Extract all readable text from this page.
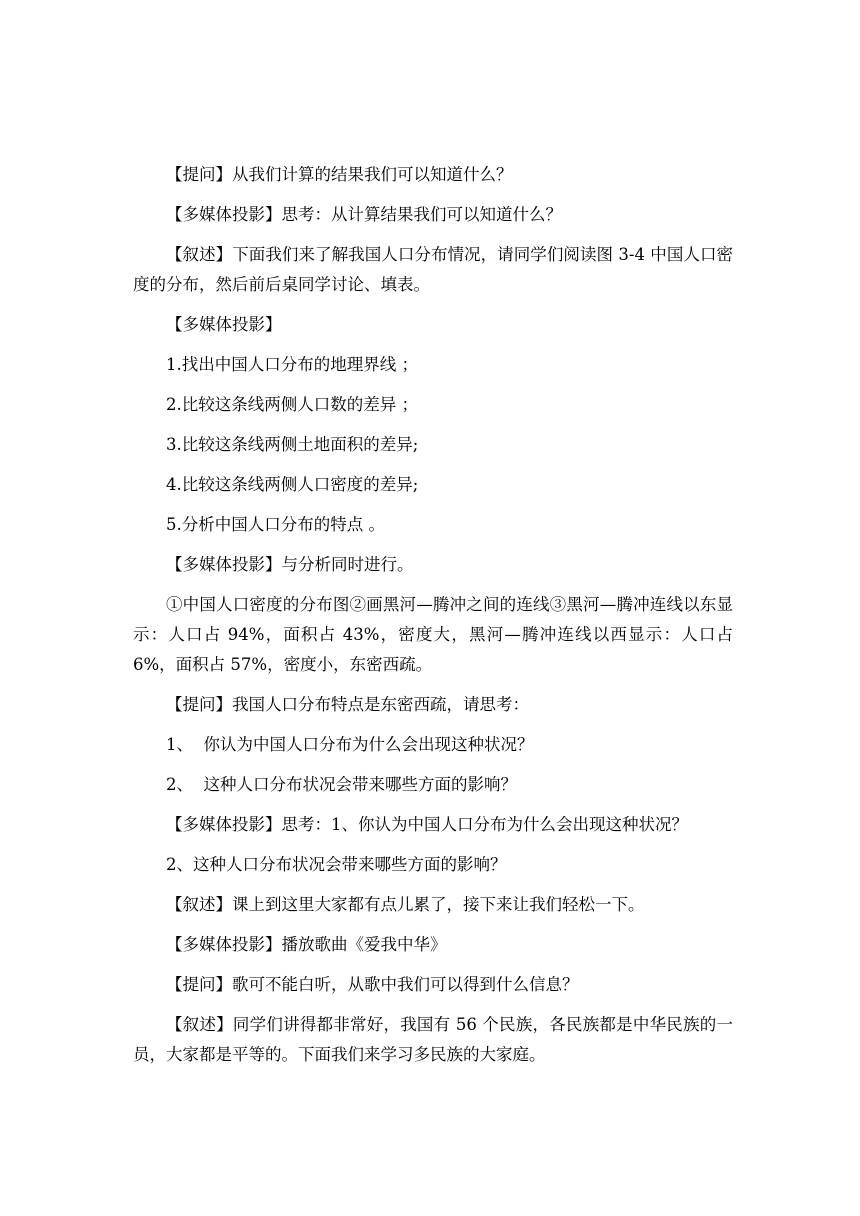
【提问】从我们计算的结果我们可以知道什么？

【多媒体投影】思考：从计算结果我们可以知道什么？

【叙述】下面我们来了解我国人口分布情况，请同学们阅读图 3-4 中国人口密度的分布，然后前后桌同学讨论、填表。

【多媒体投影】

1.找出中国人口分布的地理界线 ；

2.比较这条线两侧人口数的差异 ；

3.比较这条线两侧土地面积的差异;

4.比较这条线两侧人口密度的差异;

5.分析中国人口分布的特点 。

【多媒体投影】与分析同时进行。

①中国人口密度的分布图②画黑河—腾冲之间的连线③黑河—腾冲连线以东显示：人口占 94%，面积占 43%，密度大，黑河—腾冲连线以西显示：人口占 6%，面积占 57%，密度小，东密西疏。

【提问】我国人口分布特点是东密西疏，请思考：

1、  你认为中国人口分布为什么会出现这种状况？

2、  这种人口分布状况会带来哪些方面的影响？

【多媒体投影】思考：1、你认为中国人口分布为什么会出现这种状况？

2、这种人口分布状况会带来哪些方面的影响？

【叙述】课上到这里大家都有点儿累了，接下来让我们轻松一下。

【多媒体投影】播放歌曲《爱我中华》

【提问】歌可不能白听，从歌中我们可以得到什么信息？

【叙述】同学们讲得都非常好，我国有 56 个民族，各民族都是中华民族的一员，大家都是平等的。下面我们来学习多民族的大家庭。
